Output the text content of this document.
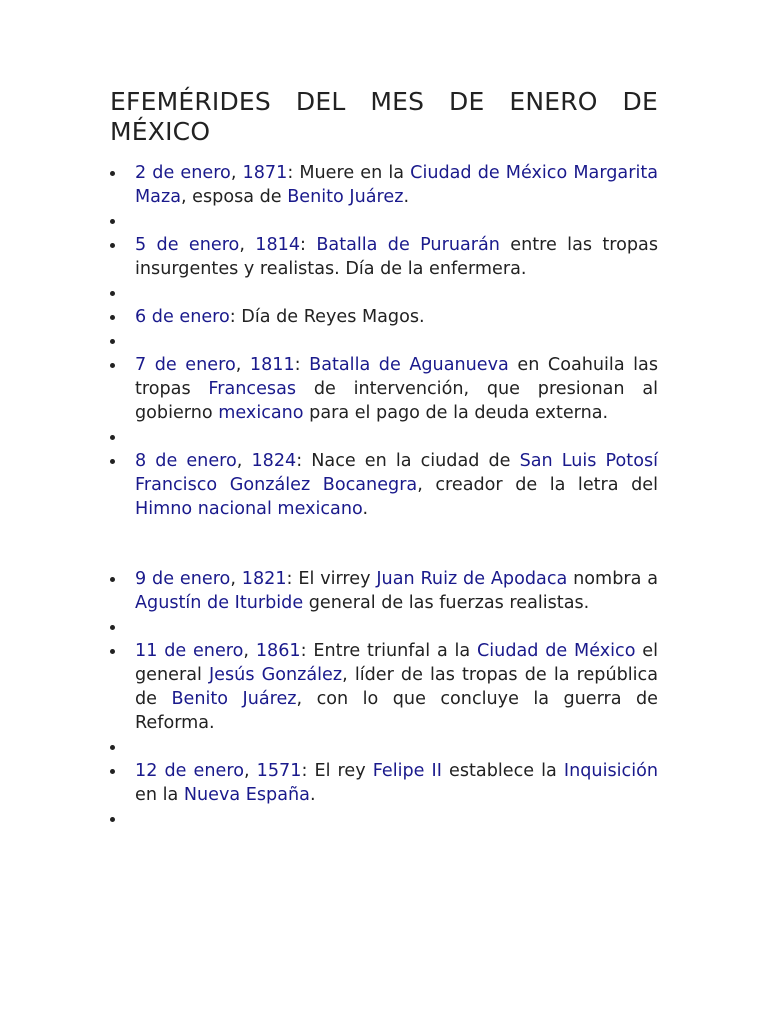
EFEMÉRIDES DEL MES DE ENERO DE
MÉXICO
2 de enero, 1871: Muere en la Ciudad de México Margarita Maza, esposa de Benito Juárez.
5 de enero, 1814: Batalla de Puruarán entre las tropas insurgentes y realistas. Día de la enfermera.
6 de enero: Día de Reyes Magos.
7 de enero, 1811: Batalla de Aguanueva en Coahuila las tropas Francesas de intervención, que presionan al gobierno mexicano para el pago de la deuda externa.
8 de enero, 1824: Nace en la ciudad de San Luis Potosí Francisco González Bocanegra, creador de la letra del Himno nacional mexicano.
9 de enero, 1821: El virrey Juan Ruiz de Apodaca nombra a Agustín de Iturbide general de las fuerzas realistas.
11 de enero, 1861: Entre triunfal a la Ciudad de México el general Jesús González, líder de las tropas de la república de Benito Juárez, con lo que concluye la guerra de Reforma.
12 de enero, 1571: El rey Felipe II establece la Inquisición en la Nueva España.
